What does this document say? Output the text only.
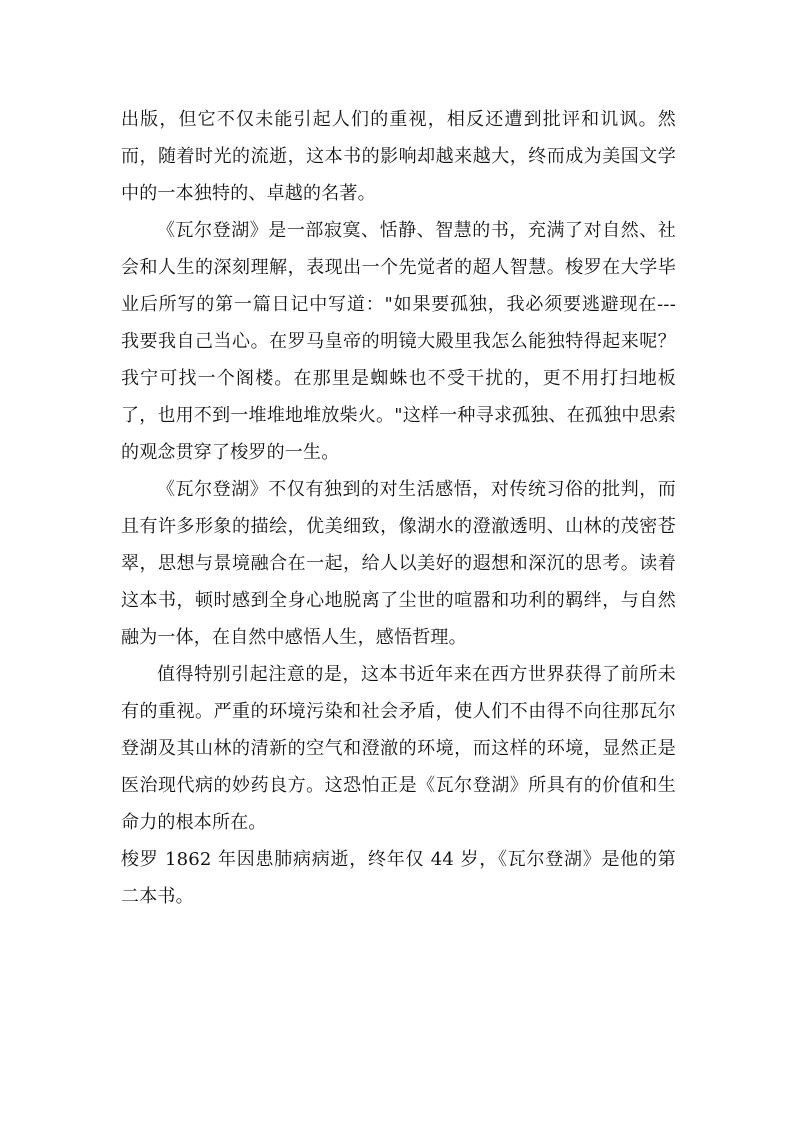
出版，但它不仅未能引起人们的重视，相反还遭到批评和讥讽。然而，随着时光的流逝，这本书的影响却越来越大，终而成为美国文学中的一本独特的、卓越的名著。

《瓦尔登湖》是一部寂寞、恬静、智慧的书，充满了对自然、社会和人生的深刻理解，表现出一个先觉者的超人智慧。梭罗在大学毕业后所写的第一篇日记中写道："如果要孤独，我必须要逃避现在---我要我自己当心。在罗马皇帝的明镜大殿里我怎么能独特得起来呢？我宁可找一个阁楼。在那里是蜘蛛也不受干扰的，更不用打扫地板了，也用不到一堆堆地堆放柴火。"这样一种寻求孤独、在孤独中思索的观念贯穿了梭罗的一生。

《瓦尔登湖》不仅有独到的对生活感悟，对传统习俗的批判，而且有许多形象的描绘，优美细致，像湖水的澄澈透明、山林的茂密苍翠，思想与景境融合在一起，给人以美好的遐想和深沉的思考。读着这本书，顿时感到全身心地脱离了尘世的喧嚣和功利的羁绊，与自然融为一体，在自然中感悟人生，感悟哲理。

值得特别引起注意的是，这本书近年来在西方世界获得了前所未有的重视。严重的环境污染和社会矛盾，使人们不由得不向往那瓦尔登湖及其山林的清新的空气和澄澈的环境，而这样的环境，显然正是医治现代病的妙药良方。这恐怕正是《瓦尔登湖》所具有的价值和生命力的根本所在。

梭罗 1862 年因患肺病病逝，终年仅 44 岁，《瓦尔登湖》是他的第二本书。
